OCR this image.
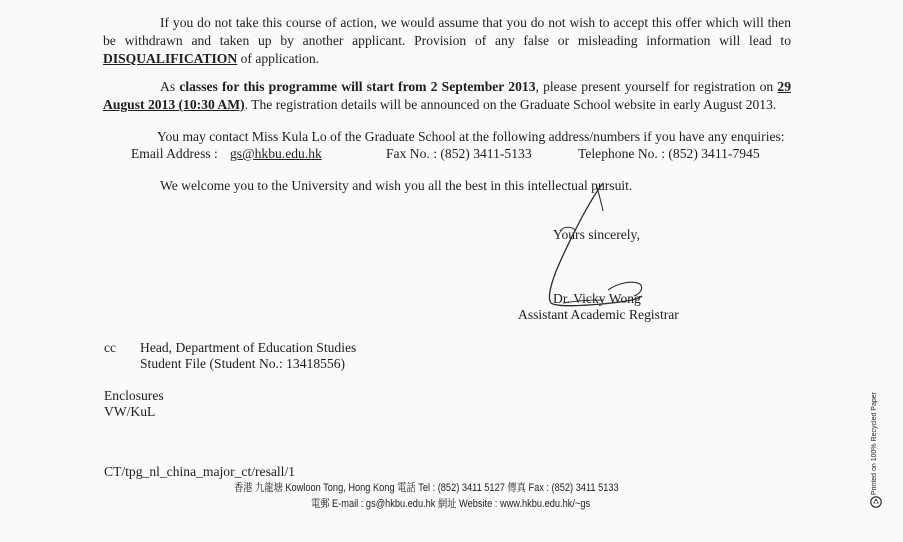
If you do not take this course of action, we would assume that you do not wish to accept this offer which will then be withdrawn and taken up by another applicant. Provision of any false or misleading information will lead to DISQUALIFICATION of application.
As classes for this programme will start from 2 September 2013, please present yourself for registration on 29 August 2013 (10:30 AM). The registration details will be announced on the Graduate School website in early August 2013.
You may contact Miss Kula Lo of the Graduate School at the following address/numbers if you have any enquiries:
Email Address : gs@hkbu.edu.hk	Fax No. : (852) 3411-5133	Telephone No. : (852) 3411-7945
We welcome you to the University and wish you all the best in this intellectual pursuit.
Yours sincerely,
Dr. Vicky Wong
Assistant Academic Registrar
cc Head, Department of Education Studies
Student File (Student No.: 13418556)
Enclosures
VW/KuL
CT/tpg_nl_china_major_ct/resall/1
香港 九龍塘 Kowloon Tong, Hong Kong 電話 Tel : (852) 3411 5127 傳真 Fax : (852) 3411 5133
電郵 E-mail : gs@hkbu.edu.hk 網址 Website : www.hkbu.edu.hk/~gs
Printed on 100% Recycled Paper
